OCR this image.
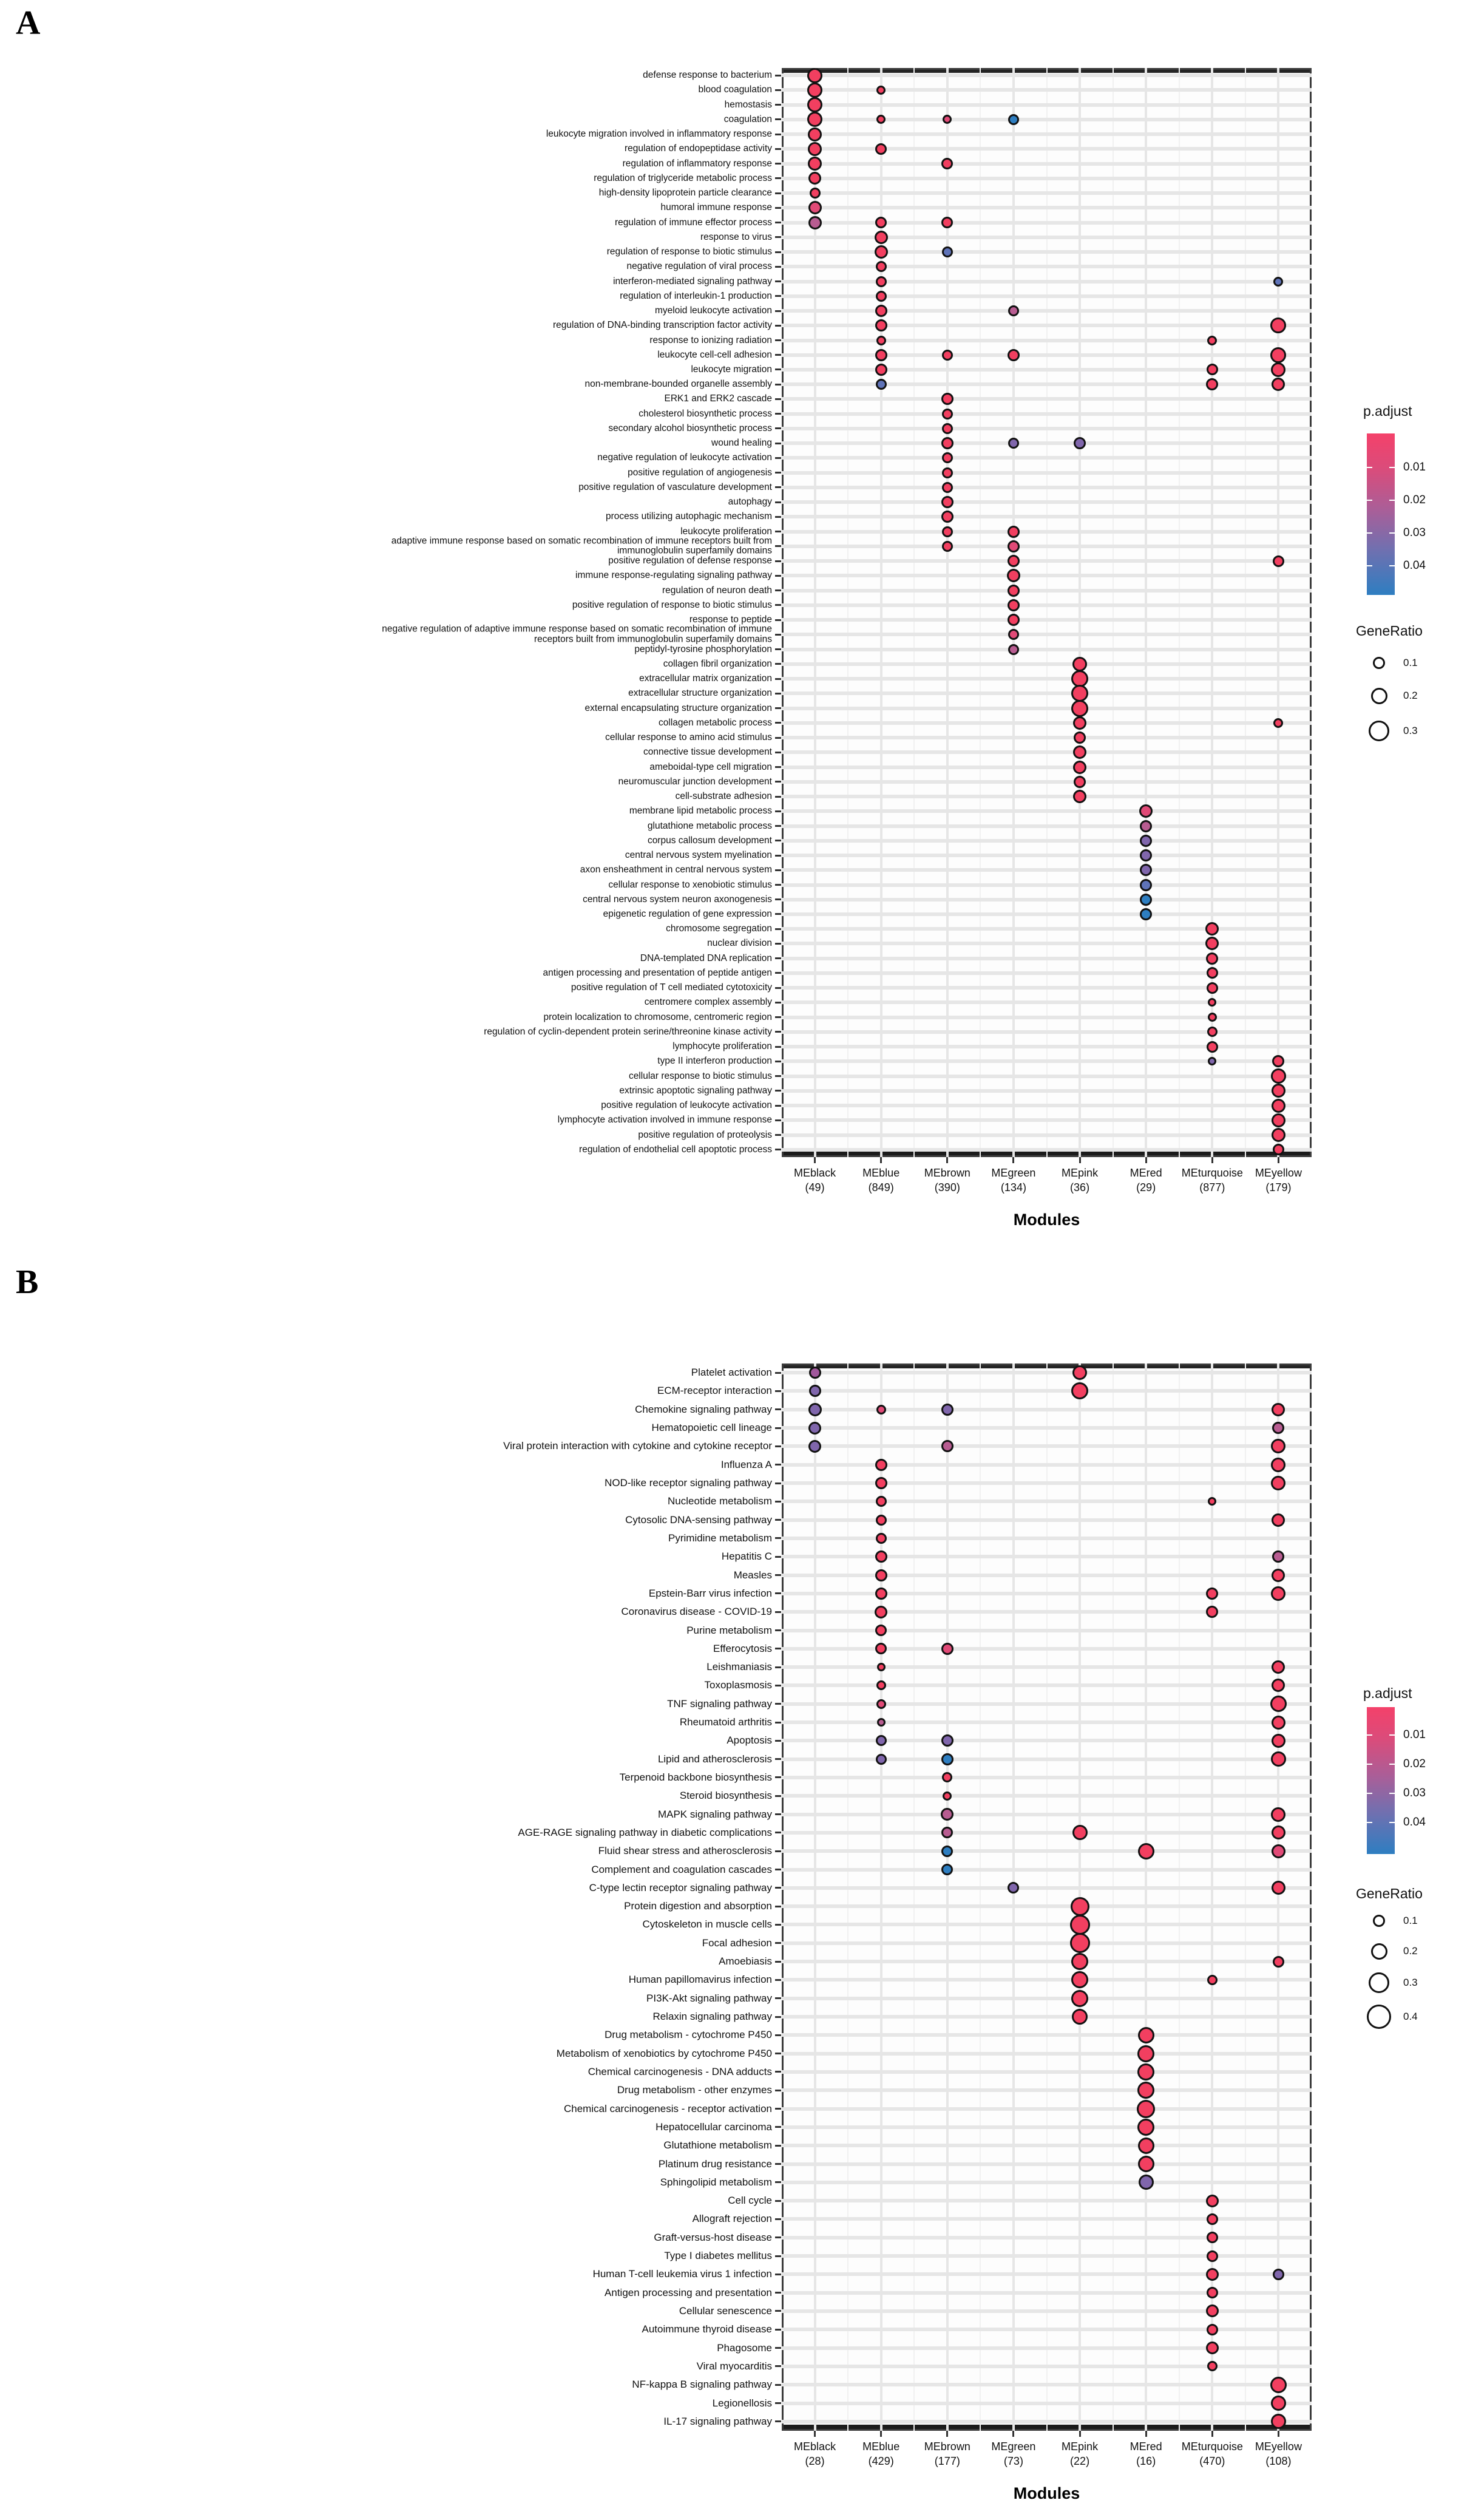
A
B
defense response to bacterium
blood coagulation
hemostasis
coagulation
leukocyte migration involved in inflammatory response
regulation of endopeptidase activity
regulation of inflammatory response
regulation of triglyceride metabolic process
high-density lipoprotein particle clearance
humoral immune response
regulation of immune effector process
response to virus
regulation of response to biotic stimulus
negative regulation of viral process
interferon-mediated signaling pathway
regulation of interleukin-1 production
myeloid leukocyte activation
regulation of DNA-binding transcription factor activity
response to ionizing radiation
leukocyte cell-cell adhesion
leukocyte migration
non-membrane-bounded organelle assembly
ERK1 and ERK2 cascade
cholesterol biosynthetic process
secondary alcohol biosynthetic process
wound healing
negative regulation of leukocyte activation
positive regulation of angiogenesis
positive regulation of vasculature development
autophagy
process utilizing autophagic mechanism
leukocyte proliferation
adaptive immune response based on somatic recombination of immune receptors built from
immunoglobulin superfamily domains
positive regulation of defense response
immune response-regulating signaling pathway
regulation of neuron death
positive regulation of response to biotic stimulus
response to peptide
negative regulation of adaptive immune response based on somatic recombination of immune
receptors built from immunoglobulin superfamily domains
peptidyl-tyrosine phosphorylation
collagen fibril organization
extracellular matrix organization
extracellular structure organization
external encapsulating structure organization
collagen metabolic process
cellular response to amino acid stimulus
connective tissue development
ameboidal-type cell migration
neuromuscular junction development
cell-substrate adhesion
membrane lipid metabolic process
glutathione metabolic process
corpus callosum development
central nervous system myelination
axon ensheathment in central nervous system
cellular response to xenobiotic stimulus
central nervous system neuron axonogenesis
epigenetic regulation of gene expression
chromosome segregation
nuclear division
DNA-templated DNA replication
antigen processing and presentation of peptide antigen
positive regulation of T cell mediated cytotoxicity
centromere complex assembly
protein localization to chromosome, centromeric region
regulation of cyclin-dependent protein serine/threonine kinase activity
lymphocyte proliferation
type II interferon production
cellular response to biotic stimulus
extrinsic apoptotic signaling pathway
positive regulation of leukocyte activation
lymphocyte activation involved in immune response
positive regulation of proteolysis
regulation of endothelial cell apoptotic process
MEblack
(49)
MEblue
(849)
MEbrown
(390)
MEgreen
(134)
MEpink
(36)
MEred
(29)
MEturquoise
(877)
MEyellow
(179)
Modules
p.adjust
0.01
0.02
0.03
0.04
GeneRatio
0.1
0.2
0.3
Platelet activation
ECM-receptor interaction
Chemokine signaling pathway
Hematopoietic cell lineage
Viral protein interaction with cytokine and cytokine receptor
Influenza A
NOD-like receptor signaling pathway
Nucleotide metabolism
Cytosolic DNA-sensing pathway
Pyrimidine metabolism
Hepatitis C
Measles
Epstein-Barr virus infection
Coronavirus disease - COVID-19
Purine metabolism
Efferocytosis
Leishmaniasis
Toxoplasmosis
TNF signaling pathway
Rheumatoid arthritis
Apoptosis
Lipid and atherosclerosis
Terpenoid backbone biosynthesis
Steroid biosynthesis
MAPK signaling pathway
AGE-RAGE signaling pathway in diabetic complications
Fluid shear stress and atherosclerosis
Complement and coagulation cascades
C-type lectin receptor signaling pathway
Protein digestion and absorption
Cytoskeleton in muscle cells
Focal adhesion
Amoebiasis
Human papillomavirus infection
PI3K-Akt signaling pathway
Relaxin signaling pathway
Drug metabolism - cytochrome P450
Metabolism of xenobiotics by cytochrome P450
Chemical carcinogenesis - DNA adducts
Drug metabolism - other enzymes
Chemical carcinogenesis - receptor activation
Hepatocellular carcinoma
Glutathione metabolism
Platinum drug resistance
Sphingolipid metabolism
Cell cycle
Allograft rejection
Graft-versus-host disease
Type I diabetes mellitus
Human T-cell leukemia virus 1 infection
Antigen processing and presentation
Cellular senescence
Autoimmune thyroid disease
Phagosome
Viral myocarditis
NF-kappa B signaling pathway
Legionellosis
IL-17 signaling pathway
MEblack
(28)
MEblue
(429)
MEbrown
(177)
MEgreen
(73)
MEpink
(22)
MEred
(16)
MEturquoise
(470)
MEyellow
(108)
Modules
p.adjust
0.01
0.02
0.03
0.04
GeneRatio
0.1
0.2
0.3
0.4
